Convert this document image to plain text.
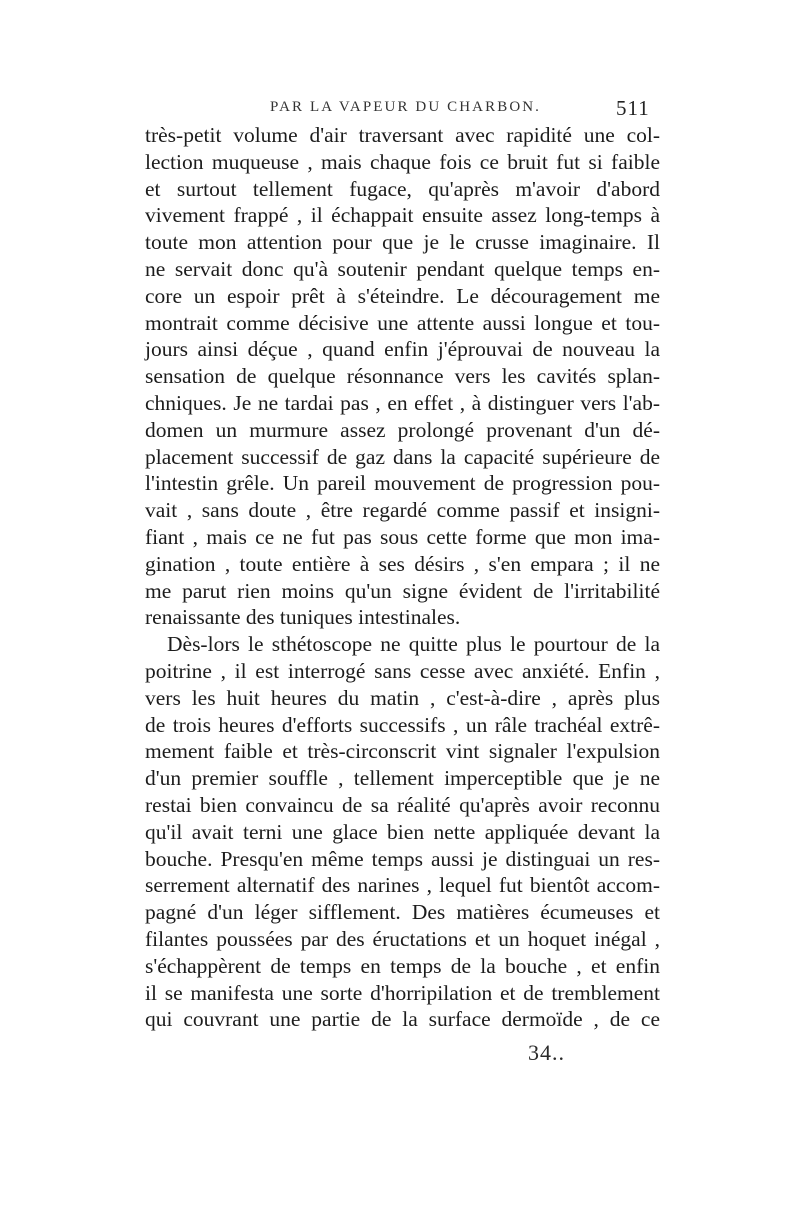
PAR LA VAPEUR DU CHARBON.	511
très-petit volume d'air traversant avec rapidité une col-
lection muqueuse , mais chaque fois ce bruit fut si faible
et surtout tellement fugace, qu'après m'avoir d'abord
vivement frappé , il échappait ensuite assez long-temps à
toute mon attention pour que je le crusse imaginaire. Il
ne servait donc qu'à soutenir pendant quelque temps en-
core un espoir prêt à s'éteindre. Le découragement me
montrait comme décisive une attente aussi longue et tou-
jours ainsi déçue , quand enfin j'éprouvai de nouveau la
sensation de quelque résonnance vers les cavités splan-
chniques. Je ne tardai pas , en effet , à distinguer vers l'ab-
domen un murmure assez prolongé provenant d'un dé-
placement successif de gaz dans la capacité supérieure de
l'intestin grêle. Un pareil mouvement de progression pou-
vait , sans doute , être regardé comme passif et insigni-
fiant , mais ce ne fut pas sous cette forme que mon ima-
gination , toute entière à ses désirs , s'en empara ; il ne
me parut rien moins qu'un signe évident de l'irritabilité
renaissante des tuniques intestinales.
Dès-lors le sthétoscope ne quitte plus le pourtour de la
poitrine , il est interrogé sans cesse avec anxiété. Enfin ,
vers les huit heures du matin , c'est-à-dire , après plus
de trois heures d'efforts successifs , un râle trachéal extrê-
mement faible et très-circonscrit vint signaler l'expulsion
d'un premier souffle , tellement imperceptible que je ne
restai bien convaincu de sa réalité qu'après avoir reconnu
qu'il avait terni une glace bien nette appliquée devant la
bouche. Presqu'en même temps aussi je distinguai un res-
serrement alternatif des narines , lequel fut bientôt accom-
pagné d'un léger sifflement. Des matières écumeuses et
filantes poussées par des éructations et un hoquet inégal ,
s'échappèrent de temps en temps de la bouche , et enfin
il se manifesta une sorte d'horripilation et de tremblement
qui couvrant une partie de la surface dermoïde , de ce
34..
